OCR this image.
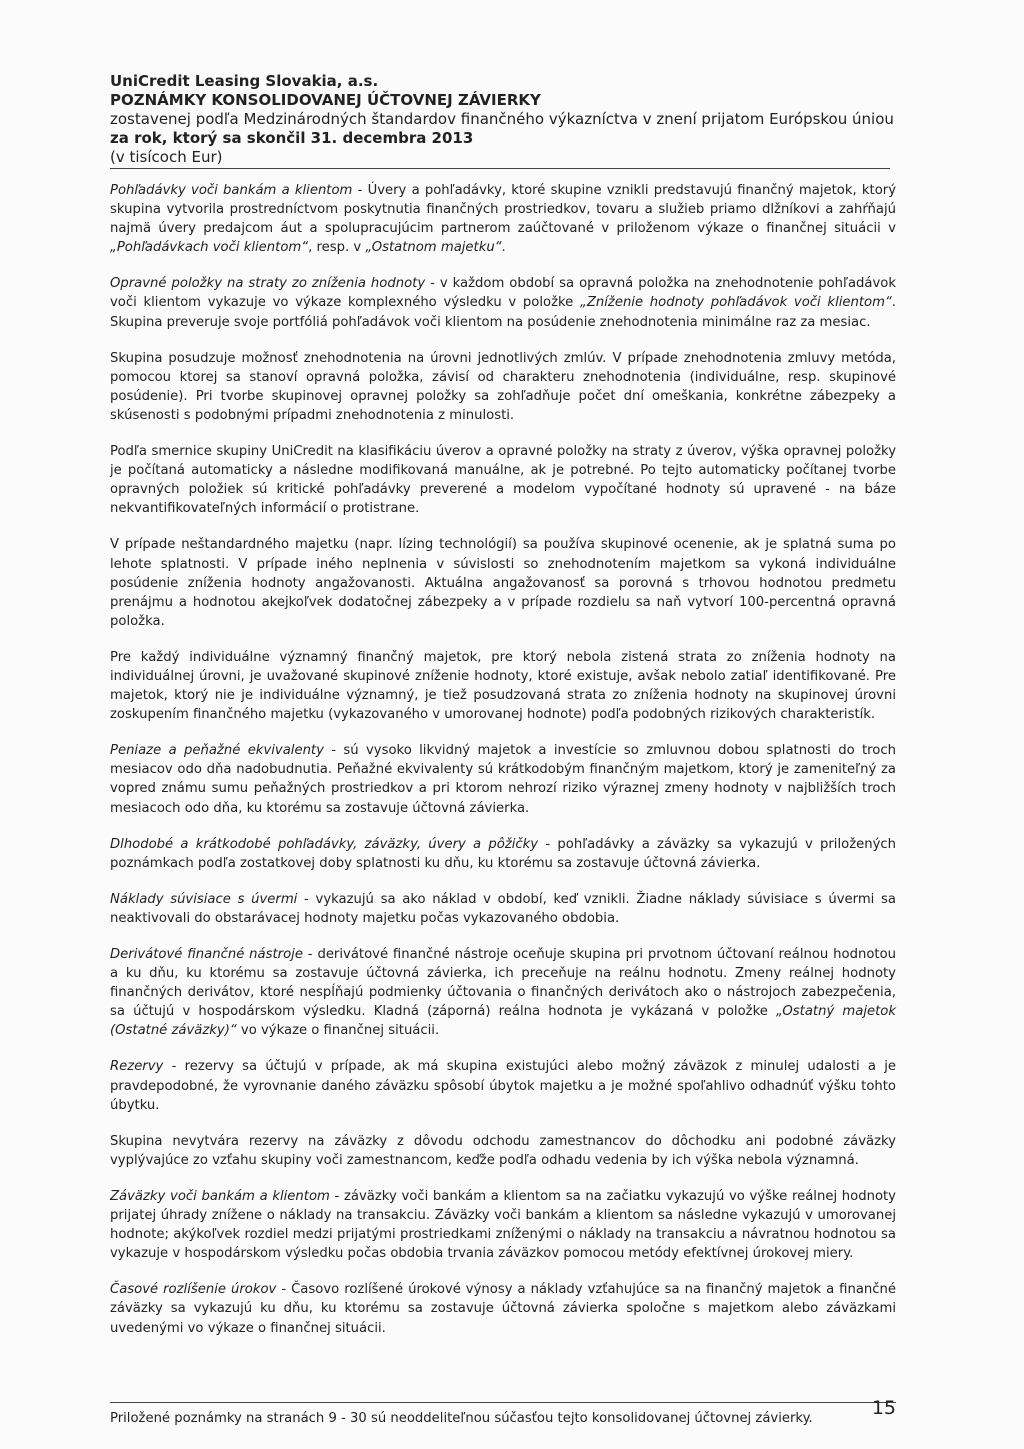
UniCredit Leasing Slovakia, a.s.
POZNÁMKY KONSOLIDOVANEJ ÚČTOVNEJ ZÁVIERKY
zostavenej podľa Medzinárodných štandardov finančného výkazníctva v znení prijatom Európskou úniou
za rok, ktorý sa skončil 31. decembra 2013
(v tisícoch Eur)

Pohľadávky voči bankám a klientom - Úvery a pohľadávky, ktoré skupine vznikli predstavujú finančný majetok, ktorý skupina vytvorila prostredníctvom poskytnutia finančných prostriedkov, tovaru a služieb priamo dlžníkovi a zahŕňajú najmä úvery predajcom áut a spolupracujúcim partnerom zaúčtované v priloženom výkaze o finančnej situácii v „Pohľadávkach voči klientom“, resp. v „Ostatnom majetku“.

Opravné položky na straty zo zníženia hodnoty - v každom období sa opravná položka na znehodnotenie pohľadávok voči klientom vykazuje vo výkaze komplexného výsledku v položke „Zníženie hodnoty pohľadávok voči klientom“. Skupina preveruje svoje portfóliá pohľadávok voči klientom na posúdenie znehodnotenia minimálne raz za mesiac.

Skupina posudzuje možnosť znehodnotenia na úrovni jednotlivých zmlúv. V prípade znehodnotenia zmluvy metóda, pomocou ktorej sa stanoví opravná položka, závisí od charakteru znehodnotenia (individuálne, resp. skupinové posúdenie). Pri tvorbe skupinovej opravnej položky sa zohľadňuje počet dní omeškania, konkrétne zábezpeky a skúsenosti s podobnými prípadmi znehodnotenia z minulosti.

Podľa smernice skupiny UniCredit na klasifikáciu úverov a opravné položky na straty z úverov, výška opravnej položky je počítaná automaticky a následne modifikovaná manuálne, ak je potrebné. Po tejto automaticky počítanej tvorbe opravných položiek sú kritické pohľadávky preverené a modelom vypočítané hodnoty sú upravené - na báze nekvantifikovateľných informácií o protistrane.

V prípade neštandardného majetku (napr. lízing technológií) sa používa skupinové ocenenie, ak je splatná suma po lehote splatnosti. V prípade iného neplnenia v súvislosti so znehodnotením majetkom sa vykoná individuálne posúdenie zníženia hodnoty angažovanosti. Aktuálna angažovanosť sa porovná s trhovou hodnotou predmetu prenájmu a hodnotou akejkoľvek dodatočnej zábezpeky a v prípade rozdielu sa naň vytvorí 100-percentná opravná položka.

Pre každý individuálne významný finančný majetok, pre ktorý nebola zistená strata zo zníženia hodnoty na individuálnej úrovni, je uvažované skupinové zníženie hodnoty, ktoré existuje, avšak nebolo zatiaľ identifikované. Pre majetok, ktorý nie je individuálne významný, je tiež posudzovaná strata zo zníženia hodnoty na skupinovej úrovni zoskupením finančného majetku (vykazovaného v umorovanej hodnote) podľa podobných rizikových charakteristík.

Peniaze a peňažné ekvivalenty - sú vysoko likvidný majetok a investície so zmluvnou dobou splatnosti do troch mesiacov odo dňa nadobudnutia. Peňažné ekvivalenty sú krátkodobým finančným majetkom, ktorý je zameniteľný za vopred známu sumu peňažných prostriedkov a pri ktorom nehrozí riziko výraznej zmeny hodnoty v najbližších troch mesiacoch odo dňa, ku ktorému sa zostavuje účtovná závierka.

Dlhodobé a krátkodobé pohľadávky, záväzky, úvery a pôžičky - pohľadávky a záväzky sa vykazujú v priložených poznámkach podľa zostatkovej doby splatnosti ku dňu, ku ktorému sa zostavuje účtovná závierka.

Náklady súvisiace s úvermi - vykazujú sa ako náklad v období, keď vznikli. Žiadne náklady súvisiace s úvermi sa neaktivovali do obstarávacej hodnoty majetku počas vykazovaného obdobia.

Derivátové finančné nástroje - derivátové finančné nástroje oceňuje skupina pri prvotnom účtovaní reálnou hodnotou a ku dňu, ku ktorému sa zostavuje účtovná závierka, ich preceňuje na reálnu hodnotu. Zmeny reálnej hodnoty finančných derivátov, ktoré nespĺňajú podmienky účtovania o finančných derivátoch ako o nástrojoch zabezpečenia, sa účtujú v hospodárskom výsledku. Kladná (záporná) reálna hodnota je vykázaná v položke „Ostatný majetok (Ostatné záväzky)“ vo výkaze o finančnej situácii.

Rezervy - rezervy sa účtujú v prípade, ak má skupina existujúci alebo možný záväzok z minulej udalosti a je pravdepodobné, že vyrovnanie daného záväzku spôsobí úbytok majetku a je možné spoľahlivo odhadnúť výšku tohto úbytku.

Skupina nevytvára rezervy na záväzky z dôvodu odchodu zamestnancov do dôchodku ani podobné záväzky vyplývajúce zo vzťahu skupiny voči zamestnancom, keďže podľa odhadu vedenia by ich výška nebola významná.

Záväzky voči bankám a klientom - záväzky voči bankám a klientom sa na začiatku vykazujú vo výške reálnej hodnoty prijatej úhrady znížene o náklady na transakciu. Záväzky voči bankám a klientom sa následne vykazujú v umorovanej hodnote; akýkoľvek rozdiel medzi prijatými prostriedkami zníženými o náklady na transakciu a návratnou hodnotou sa vykazuje v hospodárskom výsledku počas obdobia trvania záväzkov pomocou metódy efektívnej úrokovej miery.

Časové rozlíšenie úrokov - Časovo rozlíšené úrokové výnosy a náklady vzťahujúce sa na finančný majetok a finančné záväzky sa vykazujú ku dňu, ku ktorému sa zostavuje účtovná závierka spoločne s majetkom alebo záväzkami uvedenými vo výkaze o finančnej situácii.

Priložené poznámky na stranách 9 - 30 sú neoddeliteľnou súčasťou tejto konsolidovanej účtovnej závierky.	15
